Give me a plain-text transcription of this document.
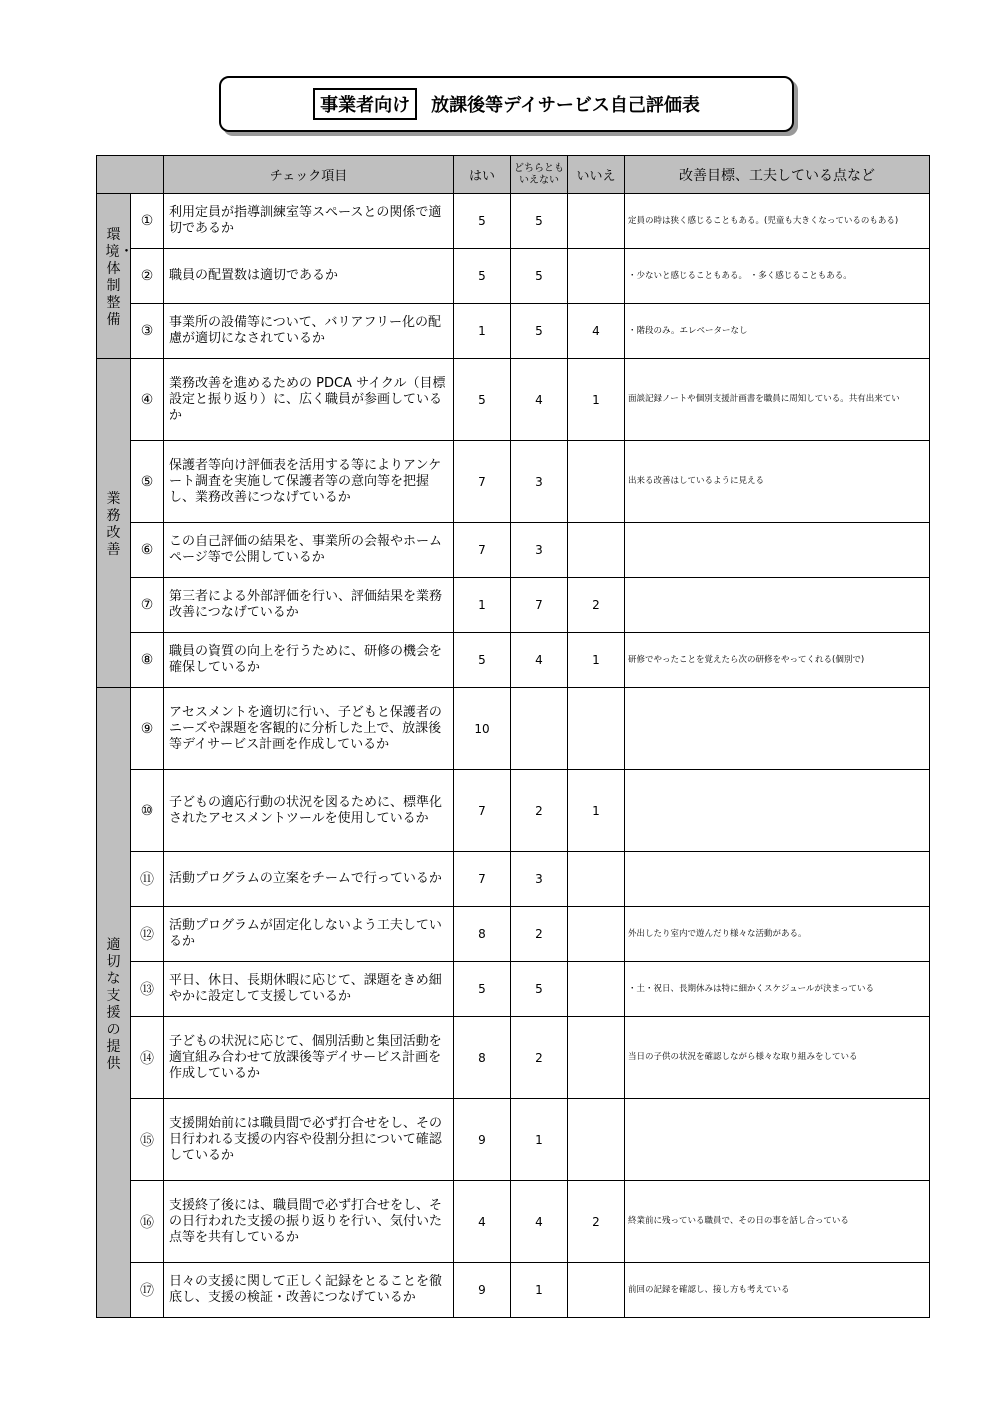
事業者向け	放課後等デイサービス自己評価表
		チェック項目	はい	どちらとも
いえない	いいえ	改善目標、工夫している点など
環境・体制整備	①	利用定員が指導訓練室等スペースとの関係で適切であるか	5	5		定員の時は狭く感じることもある。(児童も大きくなっているのもある)
	②	職員の配置数は適切であるか	5	5		・少ないと感じることもある。 ・多く感じることもある。
	③	事業所の設備等について、バリアフリー化の配慮が適切になされているか	1	5	4	・階段のみ。エレベーターなし
業務改善	④	業務改善を進めるための PDCA サイクル（目標設定と振り返り）に、広く職員が参画しているか	5	4	1	面談記録ノートや個別支援計画書を職員に周知している。共有出来てい
	⑤	保護者等向け評価表を活用する等によりアンケート調査を実施して保護者等の意向等を把握し、業務改善につなげているか	7	3		出来る改善はしているように見える
	⑥	この自己評価の結果を、事業所の会報やホームページ等で公開しているか	7	3		
	⑦	第三者による外部評価を行い、評価結果を業務改善につなげているか	1	7	2	
	⑧	職員の資質の向上を行うために、研修の機会を確保しているか	5	4	1	研修でやったことを覚えたら次の研修をやってくれる(個別で)
適切な支援の提供	⑨	アセスメントを適切に行い、子どもと保護者のニーズや課題を客観的に分析した上で、放課後等デイサービス計画を作成しているか	10			
	⑩	子どもの適応行動の状況を図るために、標準化されたアセスメントツールを使用しているか	7	2	1	
	⑪	活動プログラムの立案をチームで行っているか	7	3		
	⑫	活動プログラムが固定化しないよう工夫しているか	8	2		外出したり室内で遊んだり様々な活動がある。
	⑬	平日、休日、長期休暇に応じて、課題をきめ細やかに設定して支援しているか	5	5		・土・祝日、長期休みは特に細かくスケジュールが決まっている
	⑭	子どもの状況に応じて、個別活動と集団活動を適宜組み合わせて放課後等デイサービス計画を作成しているか	8	2		当日の子供の状況を確認しながら様々な取り組みをしている
	⑮	支援開始前には職員間で必ず打合せをし、その日行われる支援の内容や役割分担について確認しているか	9	1		
	⑯	支援終了後には、職員間で必ず打合せをし、その日行われた支援の振り返りを行い、気付いた点等を共有しているか	4	4	2	終業前に残っている職員で、その日の事を話し合っている
	⑰	日々の支援に関して正しく記録をとることを徹底し、支援の検証・改善につなげているか	9	1		前回の記録を確認し、接し方も考えている
